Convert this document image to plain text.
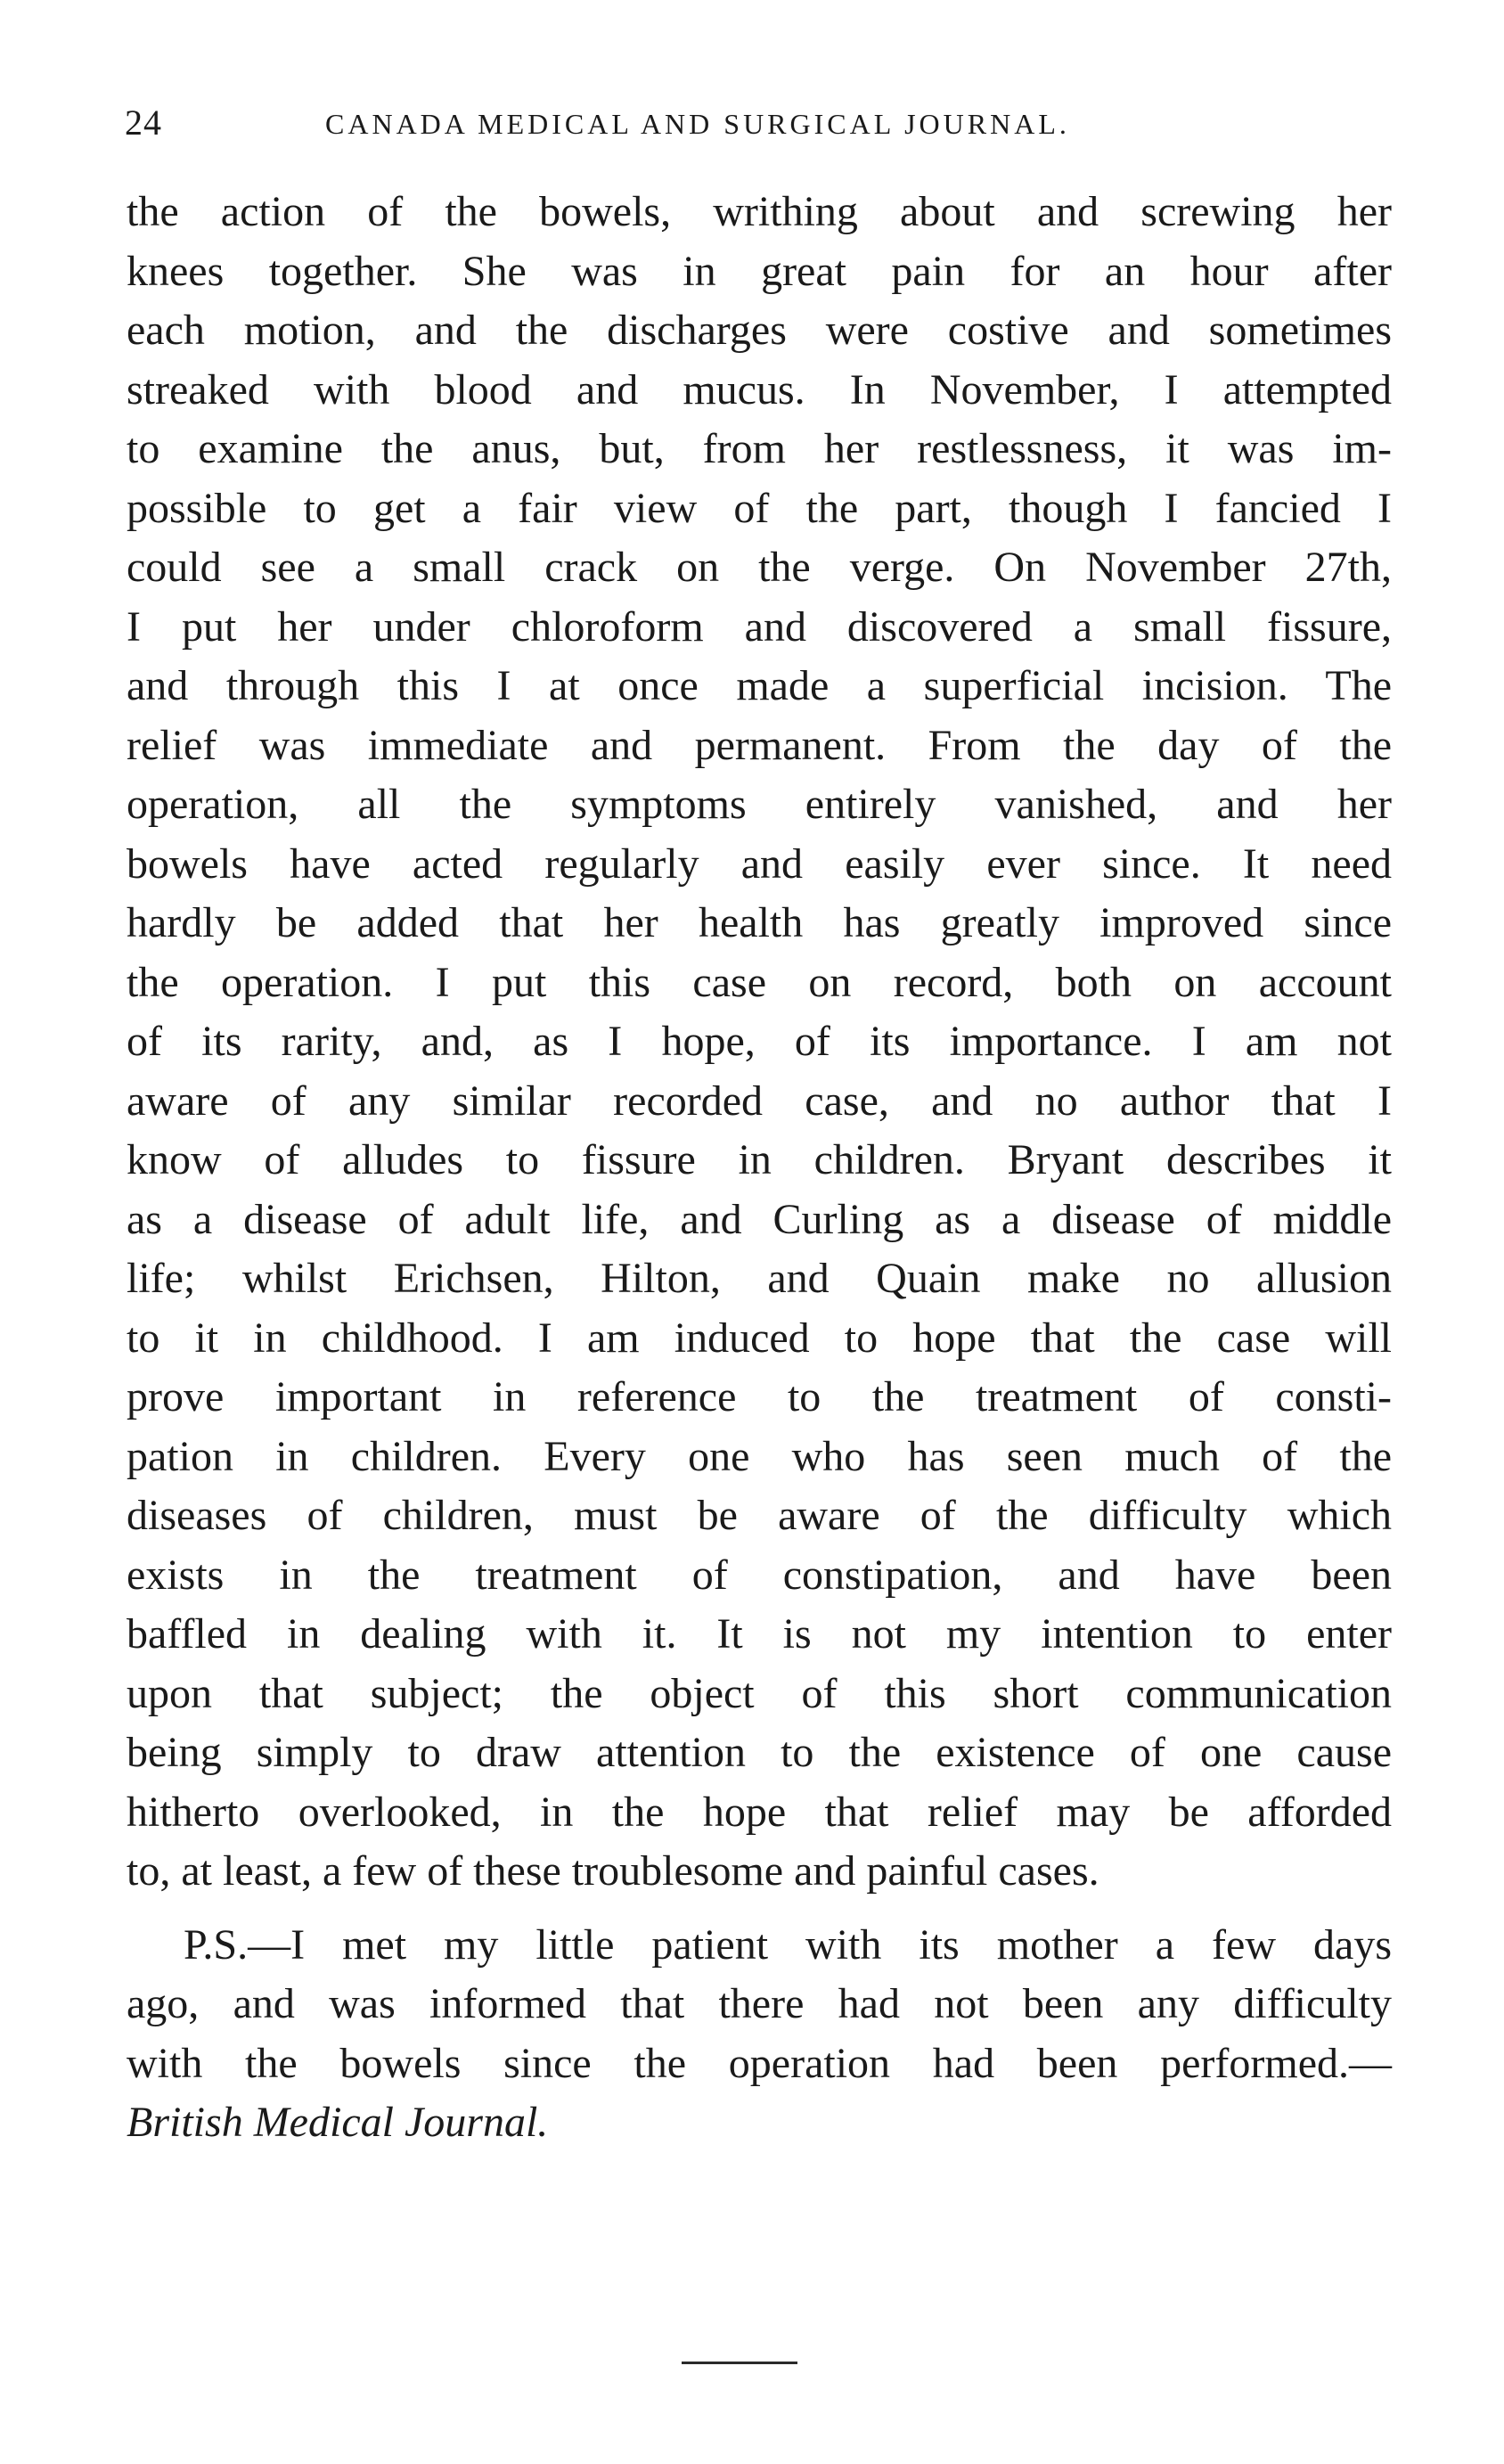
24	CANADA MEDICAL AND SURGICAL JOURNAL.
the action of the bowels, writhing about and screwing her
knees together. She was in great pain for an hour after
each motion, and the discharges were costive and sometimes
streaked with blood and mucus. In November, I attempted
to examine the anus, but, from her restlessness, it was im-
possible to get a fair view of the part, though I fancied I
could see a small crack on the verge. On November 27th,
I put her under chloroform and discovered a small fissure,
and through this I at once made a superficial incision. The
relief was immediate and permanent. From the day of the
operation, all the symptoms entirely vanished, and her
bowels have acted regularly and easily ever since. It need
hardly be added that her health has greatly improved since
the operation. I put this case on record, both on account
of its rarity, and, as I hope, of its importance. I am not
aware of any similar recorded case, and no author that I
know of alludes to fissure in children. Bryant describes it
as a disease of adult life, and Curling as a disease of middle
life; whilst Erichsen, Hilton, and Quain make no allusion
to it in childhood. I am induced to hope that the case will
prove important in reference to the treatment of consti-
pation in children. Every one who has seen much of the
diseases of children, must be aware of the difficulty which
exists in the treatment of constipation, and have been
baffled in dealing with it. It is not my intention to enter
upon that subject; the object of this short communication
being simply to draw attention to the existence of one cause
hitherto overlooked, in the hope that relief may be afforded
to, at least, a few of these troublesome and painful cases.
P.S.—I met my little patient with its mother a few days
ago, and was informed that there had not been any difficulty
with the bowels since the operation had been performed.—
British Medical Journal.
